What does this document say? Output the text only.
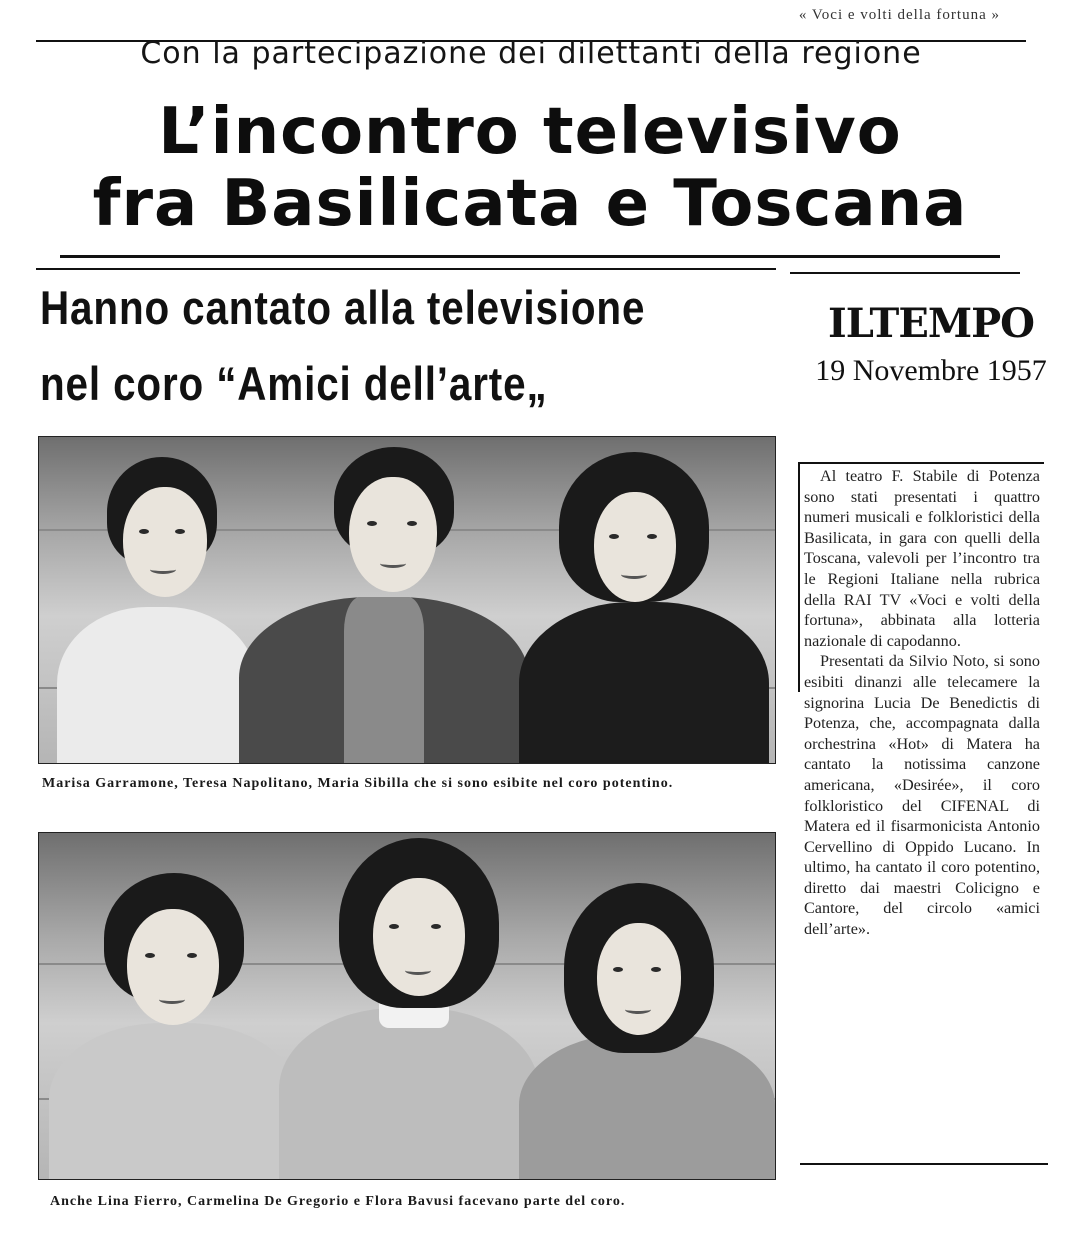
« Voci e volti della fortuna »
Con la partecipazione dei dilettanti della regione
L’incontro televisivo
fra Basilicata e Toscana
Hanno cantato alla televisione
nel coro “Amici dell’arte„
ILTEMPO
19 Novembre 1957
Marisa Garramone, Teresa Napolitano, Maria Sibilla che si sono esibite nel coro potentino.
Anche Lina Fierro, Carmelina De Gregorio e Flora Bavusi facevano parte del coro.

Al teatro F. Stabile di Potenza sono stati presentati i quattro numeri musicali e folkloristici della Basilicata, in gara con quelli della Toscana, valevoli per l’incontro tra le Regioni Italiane nella rubrica della RAI TV «Voci e volti della fortuna», abbinata alla lotteria nazionale di capodanno.

Presentati da Silvio Noto, si sono esibiti dinanzi alle telecamere la signorina Lucia De Benedictis di Potenza, che, accompagnata dalla orchestrina «Hot» di Matera ha cantato la notissima canzone americana, «Desirée», il coro folkloristico del CIFENAL di Matera ed il fisarmonicista Antonio Cervellino di Oppido Lucano. In ultimo, ha cantato il coro potentino, diretto dai maestri Colicigno e Cantore, del circolo «amici dell’arte».
